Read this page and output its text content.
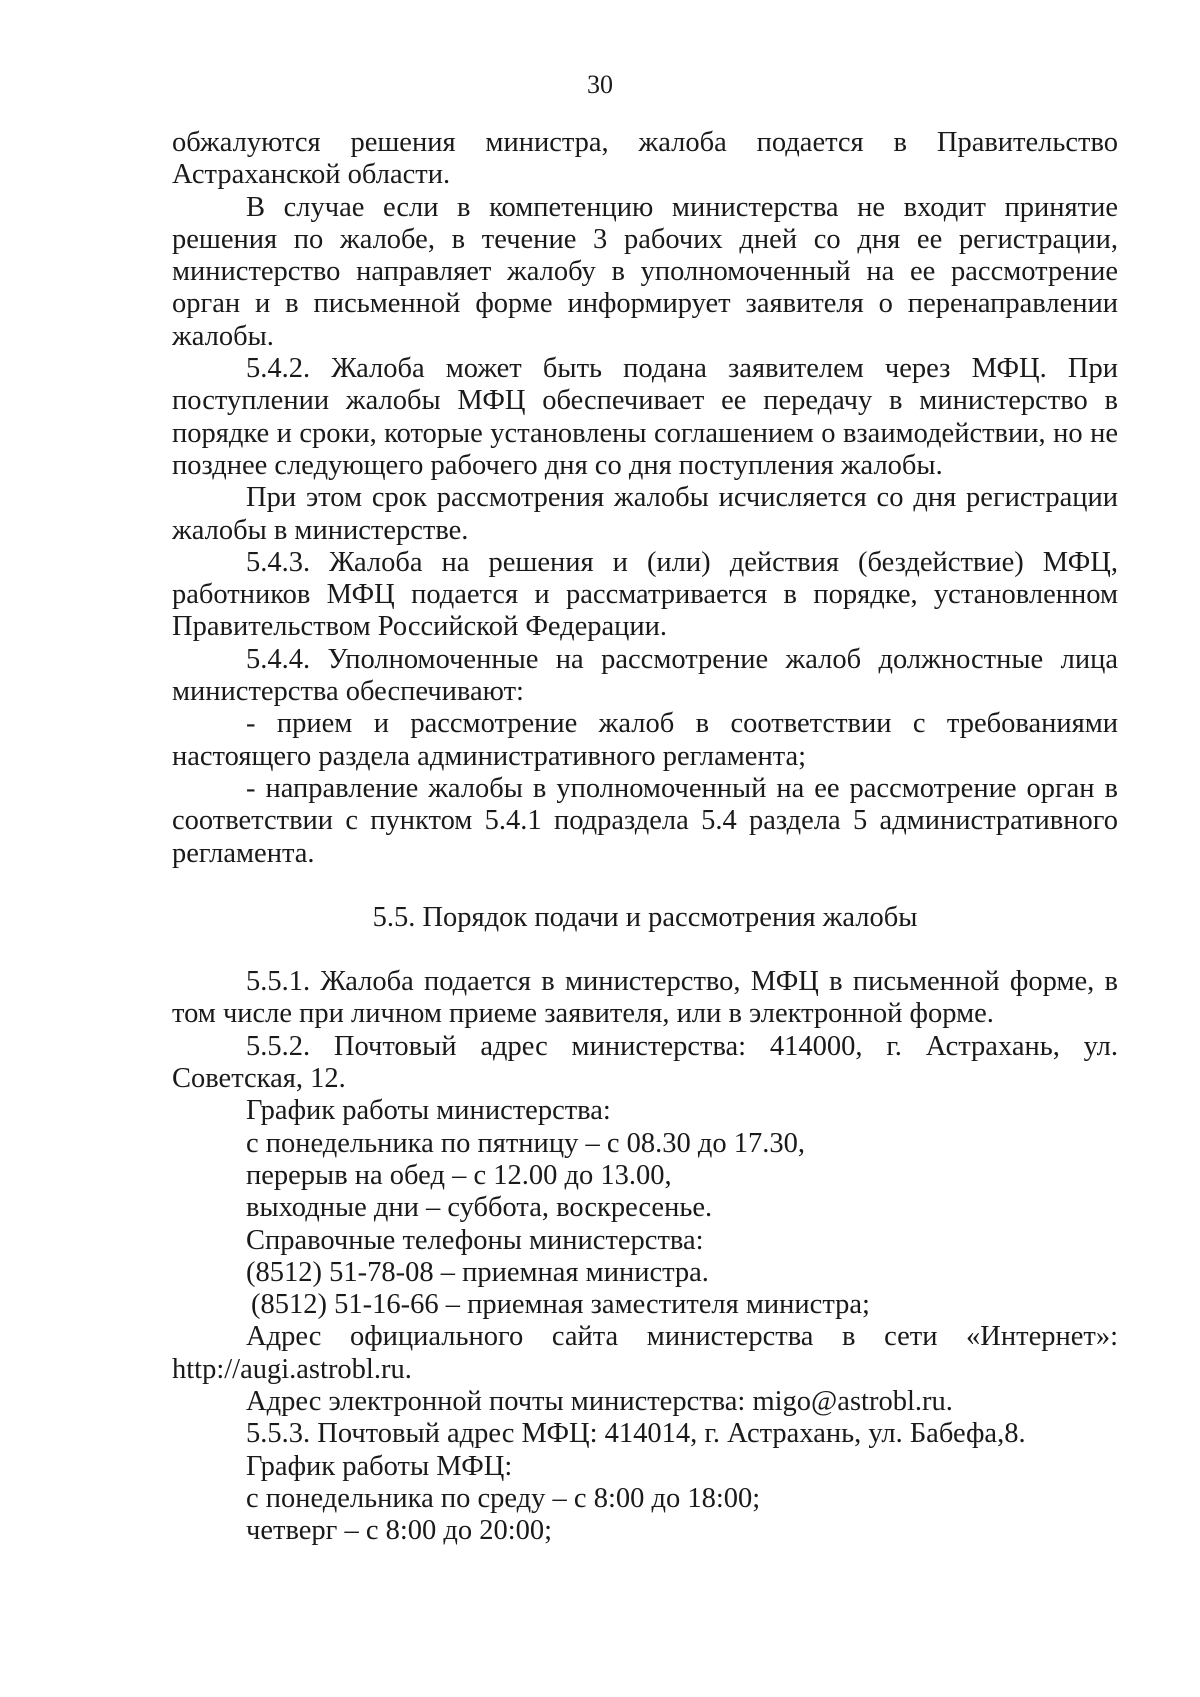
30

обжалуются решения министра, жалоба подается в Правительство

Астраханской области.

В случае если в компетенцию министерства не входит принятие решения по жалобе, в течение 3 рабочих дней со дня ее регистрации, министерство направляет жалобу в уполномоченный на ее рассмотрение орган и в письменной форме информирует заявителя о перенаправлении жалобы.

5.4.2. Жалоба может быть подана заявителем через МФЦ. При поступлении жалобы МФЦ обеспечивает ее передачу в министерство в порядке и сроки, которые установлены соглашением о взаимодействии, но не позднее следующего рабочего дня со дня поступления жалобы.

При этом срок рассмотрения жалобы исчисляется со дня регистрации жалобы в министерстве.

5.4.3. Жалоба на решения и (или) действия (бездействие) МФЦ, работников МФЦ подается и рассматривается в порядке, установленном Правительством Российской Федерации.

5.4.4. Уполномоченные на рассмотрение жалоб должностные лица министерства обеспечивают:

- прием и рассмотрение жалоб в соответствии с требованиями настоящего раздела административного регламента;

- направление жалобы в уполномоченный на ее рассмотрение орган в соответствии с пунктом 5.4.1 подраздела 5.4 раздела 5 административного регламента.

5.5. Порядок подачи и рассмотрения жалобы

5.5.1. Жалоба подается в министерство, МФЦ в письменной форме, в том числе при личном приеме заявителя, или в электронной форме.

5.5.2. Почтовый адрес министерства: 414000, г. Астрахань, ул. Советская, 12.

График работы министерства:

с понедельника по пятницу – с 08.30 до 17.30,

перерыв на обед – с 12.00 до 13.00,

выходные дни – суббота, воскресенье.

Справочные телефоны министерства:

(8512) 51-78-08 – приемная министра.

(8512) 51-16-66 – приемная заместителя министра;

Адрес официального сайта министерства в сети «Интернет»: http://augi.astrobl.ru.

Адрес электронной почты министерства: migo@astrobl.ru.

5.5.3. Почтовый адрес МФЦ: 414014, г. Астрахань, ул. Бабефа,8.

График работы МФЦ:

с понедельника по среду – с 8:00 до 18:00;

четверг – с 8:00 до 20:00;
